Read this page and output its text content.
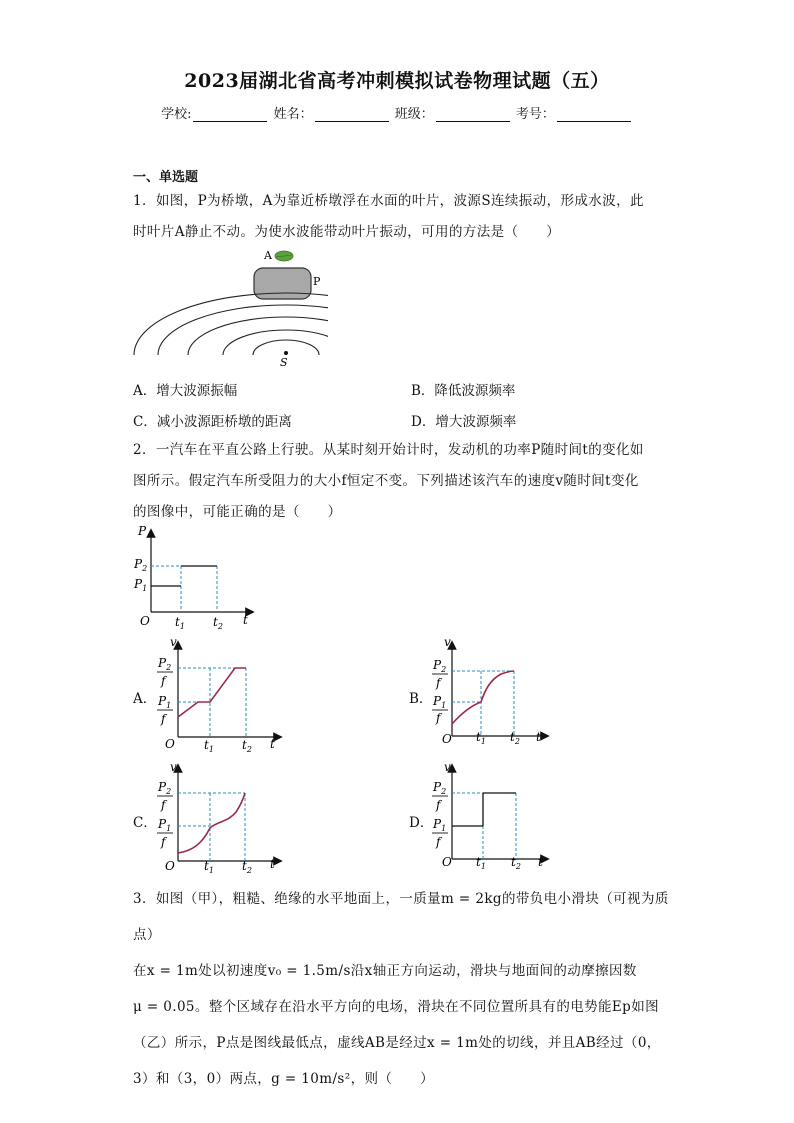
2023届湖北省高考冲刺模拟试卷物理试题（五）
学校:	姓名：	班级：	考号：
一、单选题
1．如图，P为桥墩，A为靠近桥墩浮在水面的叶片，波源S连续振动，形成水波，此
时叶片A静止不动。为使水波能带动叶片振动，可用的方法是（　　）
A
P
S
A．增大波源振幅	B．降低波源频率
C．减小波源距桥墩的距离	D．增大波源频率
2．一汽车在平直公路上行驶。从某时刻开始计时，发动机的功率P随时间t的变化如
图所示。假定汽车所受阻力的大小f恒定不变。下列描述该汽车的速度v随时间t变化
的图像中，可能正确的是（　　）
P
t
O
$P_2$
$P_1$
$t_1$ $t_2$
A．
v
t
O
$P_2$
f
$P_1$
f
$t_1$ $t_2$
B．
v
t
O
$P_2$
f
$P_1$
f
$t_1$ $t_2$
C．
v
t
O
$P_2$
f
$P_1$
f
$t_1$ $t_2$
D．
v
t
O
$P_2$
f
$P_1$
f
$t_1$ $t_2$
3．如图（甲），粗糙、绝缘的水平地面上，一质量m = 2kg的带负电小滑块（可视为质点）
在x = 1m处以初速度v₀ = 1.5m/s沿x轴正方向运动，滑块与地面间的动摩擦因数
μ = 0.05。整个区域存在沿水平方向的电场，滑块在不同位置所具有的电势能Ep如图
（乙）所示，P点是图线最低点，虚线AB是经过x = 1m处的切线，并且AB经过（0，
3）和（3，0）两点，g = 10m/s²，则（　　）
